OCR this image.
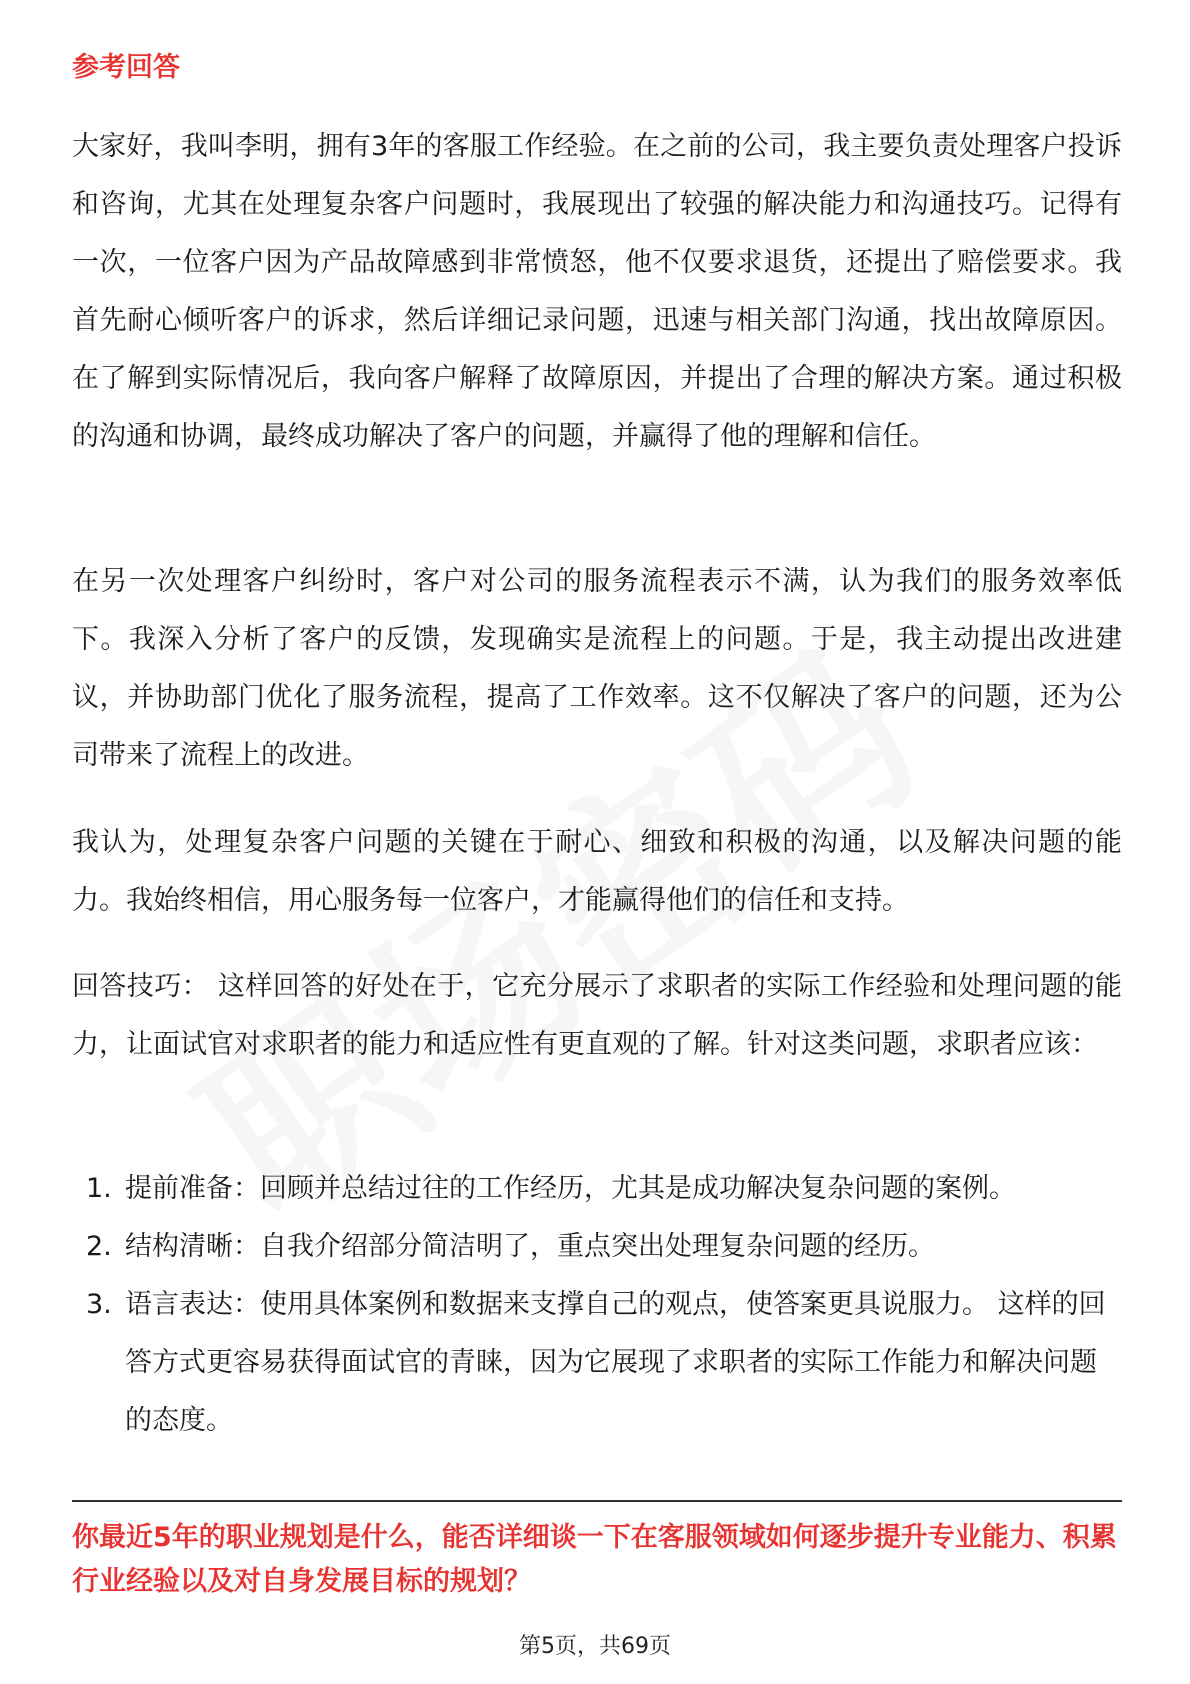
参考回答

大家好，我叫李明，拥有3年的客服工作经验。在之前的公司，我主要负责处理客户投诉和咨询，尤其在处理复杂客户问题时，我展现出了较强的解决能力和沟通技巧。记得有一次，一位客户因为产品故障感到非常愤怒，他不仅要求退货，还提出了赔偿要求。我首先耐心倾听客户的诉求，然后详细记录问题，迅速与相关部门沟通，找出故障原因。在了解到实际情况后，我向客户解释了故障原因，并提出了合理的解决方案。通过积极的沟通和协调，最终成功解决了客户的问题，并赢得了他的理解和信任。

在另一次处理客户纠纷时，客户对公司的服务流程表示不满，认为我们的服务效率低下。我深入分析了客户的反馈，发现确实是流程上的问题。于是，我主动提出改进建议，并协助部门优化了服务流程，提高了工作效率。这不仅解决了客户的问题，还为公司带来了流程上的改进。

我认为，处理复杂客户问题的关键在于耐心、细致和积极的沟通，以及解决问题的能力。我始终相信，用心服务每一位客户，才能赢得他们的信任和支持。

回答技巧： 这样回答的好处在于，它充分展示了求职者的实际工作经验和处理问题的能力，让面试官对求职者的能力和适应性有更直观的了解。针对这类问题，求职者应该：

1. 提前准备：回顾并总结过往的工作经历，尤其是成功解决复杂问题的案例。
2. 结构清晰：自我介绍部分简洁明了，重点突出处理复杂问题的经历。
3. 语言表达：使用具体案例和数据来支撑自己的观点，使答案更具说服力。 这样的回答方式更容易获得面试官的青睐，因为它展现了求职者的实际工作能力和解决问题的态度。

你最近5年的职业规划是什么，能否详细谈一下在客服领域如何逐步提升专业能力、积累行业经验以及对自身发展目标的规划？

第5页，共69页
